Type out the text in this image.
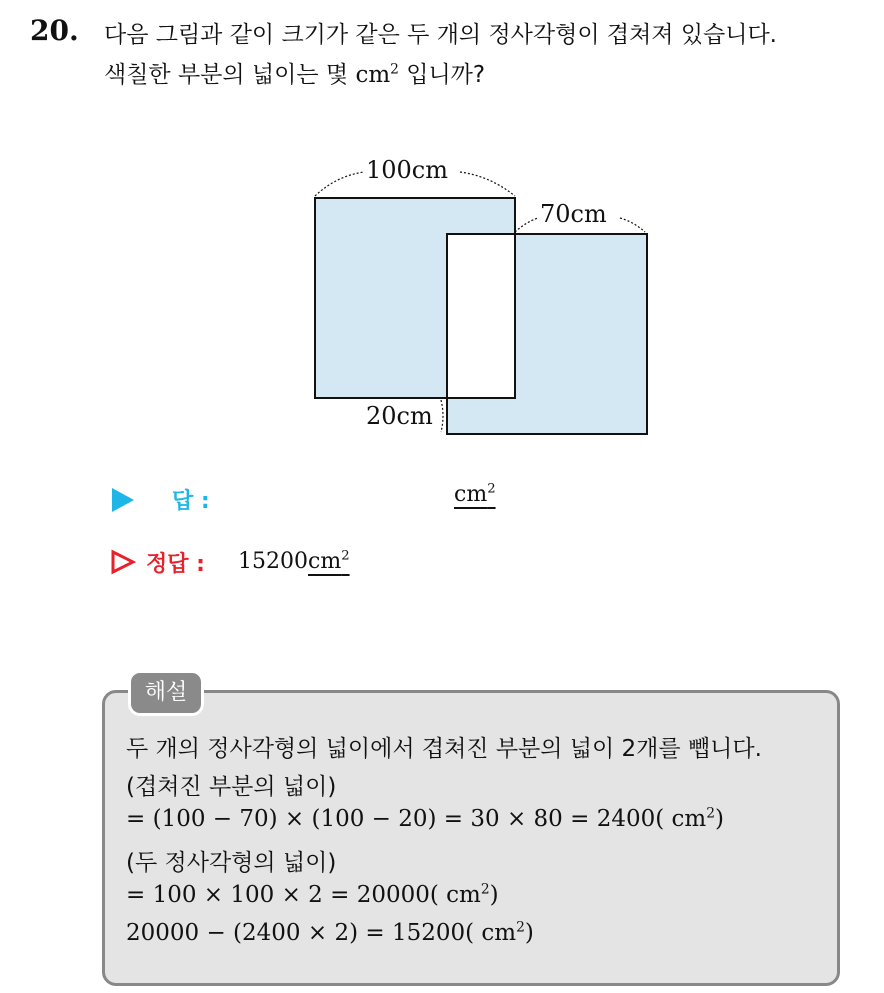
20. 다음 그림과 같이 크기가 같은 두 개의 정사각형이 겹쳐져 있습니다.
색칠한 부분의 넓이는 몇 $cm^2$ 입니까?
100cm
70cm
20cm
답 :	$cm^2$
정답 : $15200cm^2$
해설
두 개의 정사각형의 넓이에서 겹쳐진 부분의 넓이 2개를 뺍니다.
(겹쳐진 부분의 넓이)
= (100 − 70) × (100 − 20) = 30 × 80 = 2400( $cm^2$)
(두 정사각형의 넓이)
= 100 × 100 × 2 = 20000( $cm^2$)
20000 − (2400 × 2) = 15200( $cm^2$)
